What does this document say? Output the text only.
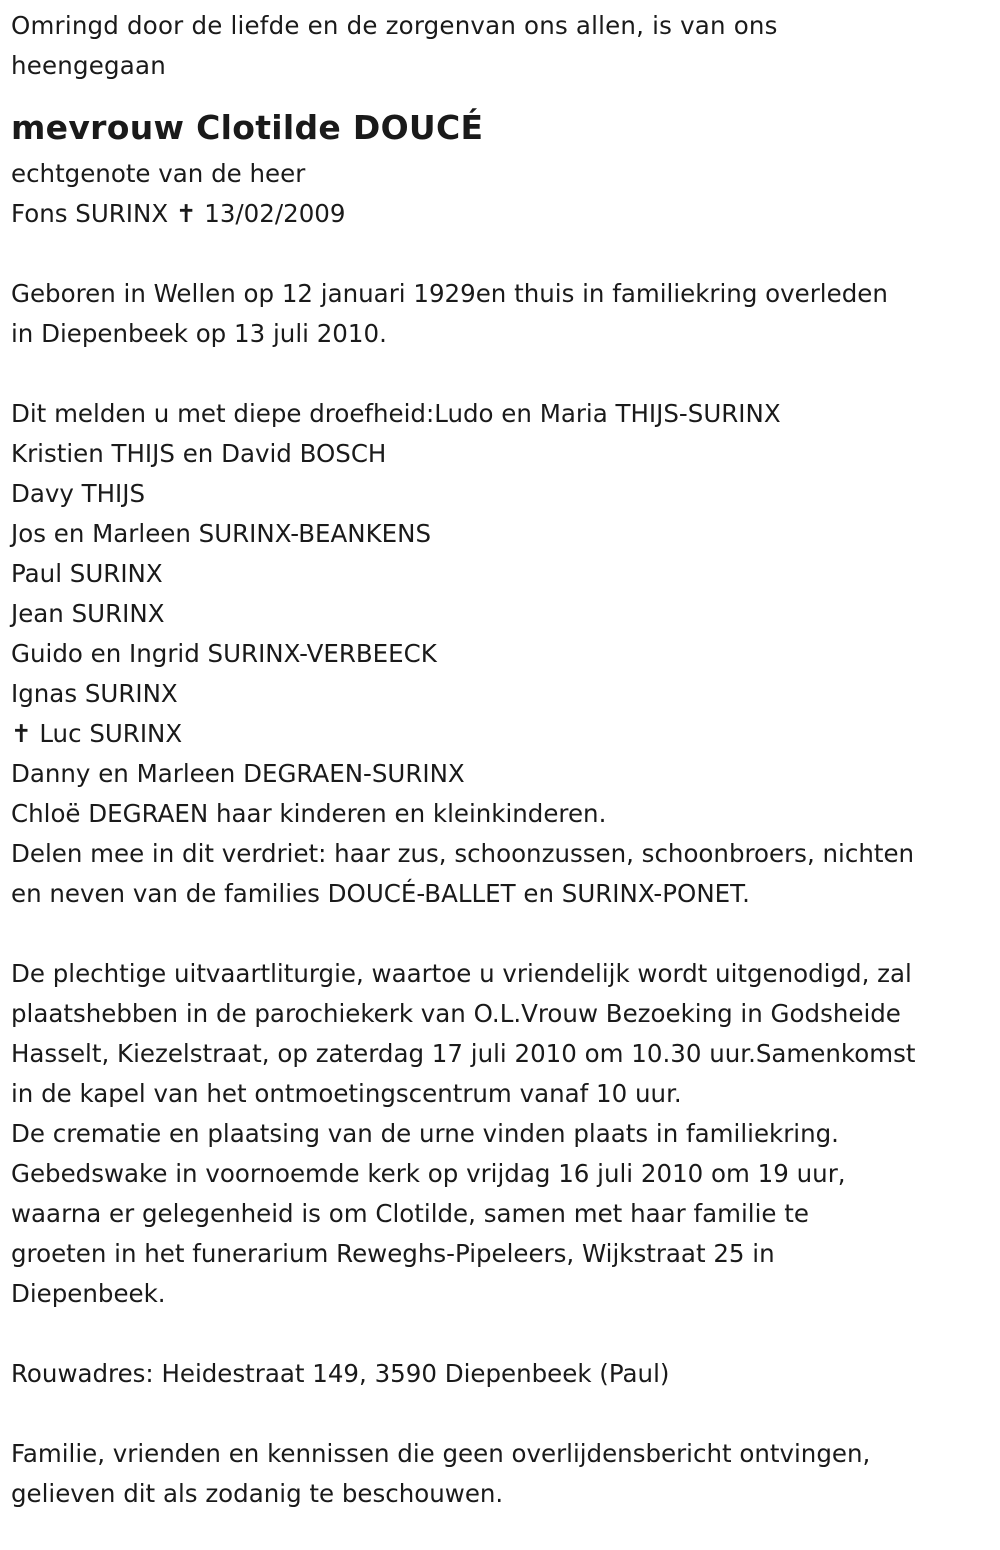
Omringd door de liefde en de zorgenvan ons allen, is van ons
heengegaan
mevrouw Clotilde DOUCÉ
echtgenote van de heer
Fons SURINX ✝ 13/02/2009
Geboren in Wellen op 12 januari 1929en thuis in familiekring overleden
in Diepenbeek op 13 juli 2010.
Dit melden u met diepe droefheid:Ludo en Maria THIJS-SURINX
Kristien THIJS en David BOSCH
Davy THIJS
Jos en Marleen SURINX-BEANKENS
Paul SURINX
Jean SURINX
Guido en Ingrid SURINX-VERBEECK
Ignas SURINX
✝ Luc SURINX
Danny en Marleen DEGRAEN-SURINX
Chloë DEGRAEN haar kinderen en kleinkinderen.
Delen mee in dit verdriet: haar zus, schoonzussen, schoonbroers, nichten
en neven van de families DOUCÉ-BALLET en SURINX-PONET.
De plechtige uitvaartliturgie, waartoe u vriendelijk wordt uitgenodigd, zal
plaatshebben in de parochiekerk van O.L.Vrouw Bezoeking in Godsheide
Hasselt, Kiezelstraat, op zaterdag 17 juli 2010 om 10.30 uur.Samenkomst
in de kapel van het ontmoetingscentrum vanaf 10 uur.
De crematie en plaatsing van de urne vinden plaats in familiekring.
Gebedswake in voornoemde kerk op vrijdag 16 juli 2010 om 19 uur,
waarna er gelegenheid is om Clotilde, samen met haar familie te
groeten in het funerarium Reweghs-Pipeleers, Wijkstraat 25 in
Diepenbeek.
Rouwadres: Heidestraat 149, 3590 Diepenbeek (Paul)
Familie, vrienden en kennissen die geen overlijdensbericht ontvingen,
gelieven dit als zodanig te beschouwen.
